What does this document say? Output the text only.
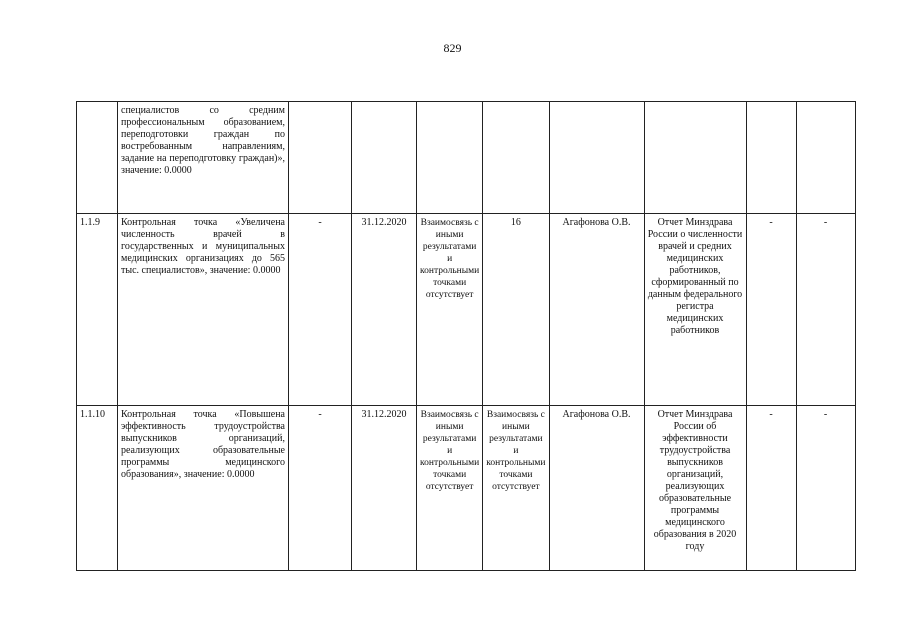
829
	специалистов со средним профессиональным образованием, переподготовки граждан по востребованным направлениям, задание на переподготовку граждан)», значение: 0.0000								
1.1.9	Контрольная точка «Увеличена численность врачей в государственных и муниципальных медицинских организациях до 565 тыс. специалистов», значение: 0.0000	-	31.12.2020	Взаимосвязь с иными результатами и контрольными точками отсутствует	16	Агафонова О.В.	Отчет Минздрава России о численности врачей и средних медицинских работников, сформированный по данным федерального регистра медицинских работников	-	-
1.1.10	Контрольная точка «Повышена эффективность трудоустройства выпускников организаций, реализующих образовательные программы медицинского образования», значение: 0.0000	-	31.12.2020	Взаимосвязь с иными результатами и контрольными точками отсутствует	Взаимосвязь с иными результатами и контрольными точками отсутствует	Агафонова О.В.	Отчет Минздрава России об эффективности трудоустройства выпускников организаций, реализующих образовательные программы медицинского образования в 2020 году	-	-
